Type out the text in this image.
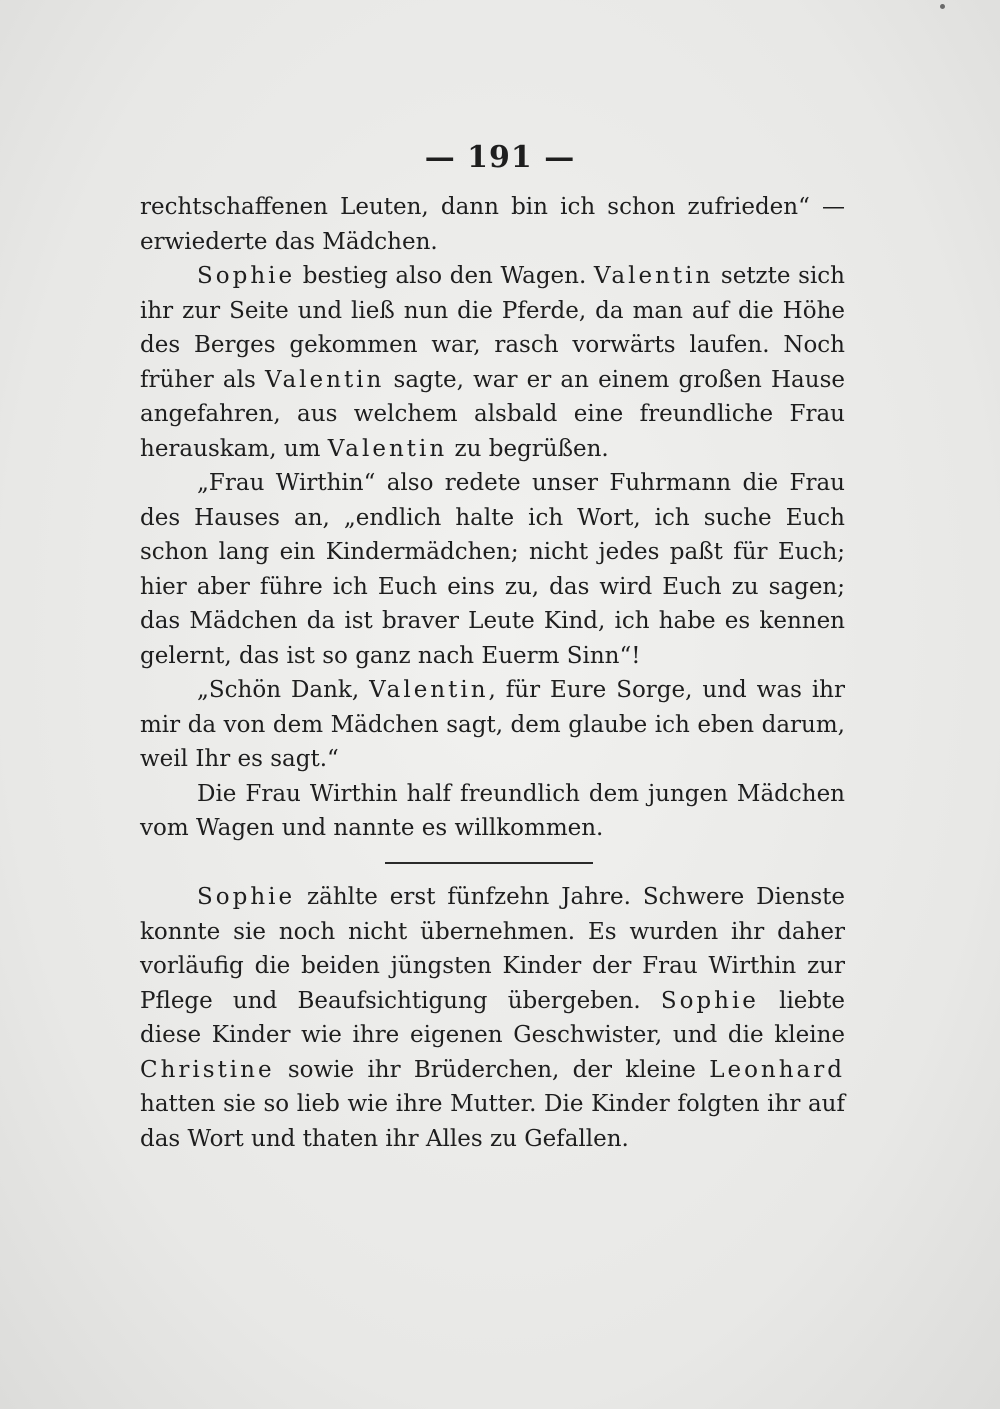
— 191 —

rechtschaffenen Leuten, dann bin ich schon zufrieden“ — erwiederte das Mädchen.

Sophie bestieg also den Wagen. Valentin setzte sich ihr zur Seite und ließ nun die Pferde, da man auf die Höhe des Berges gekommen war, rasch vorwärts laufen. Noch früher als Valentin sagte, war er an einem großen Hause angefahren, aus welchem alsbald eine freundliche Frau herauskam, um Valentin zu begrüßen.

„Frau Wirthin“ also redete unser Fuhrmann die Frau des Hauses an, „endlich halte ich Wort, ich suche Euch schon lang ein Kindermädchen; nicht jedes paßt für Euch; hier aber führe ich Euch eins zu, das wird Euch zu sagen; das Mädchen da ist braver Leute Kind, ich habe es kennen gelernt, das ist so ganz nach Euerm Sinn“!

„Schön Dank, Valentin, für Eure Sorge, und was ihr mir da von dem Mädchen sagt, dem glaube ich eben darum, weil Ihr es sagt.“

Die Frau Wirthin half freundlich dem jungen Mädchen vom Wagen und nannte es willkommen.

Sophie zählte erst fünfzehn Jahre. Schwere Dienste konnte sie noch nicht übernehmen. Es wurden ihr daher vorläufig die beiden jüngsten Kinder der Frau Wirthin zur Pflege und Beaufsichtigung übergeben. Sophie liebte diese Kinder wie ihre eigenen Geschwister, und die kleine Christine sowie ihr Brüderchen, der kleine Leonhard hatten sie so lieb wie ihre Mutter. Die Kinder folgten ihr auf das Wort und thaten ihr Alles zu Gefallen.
